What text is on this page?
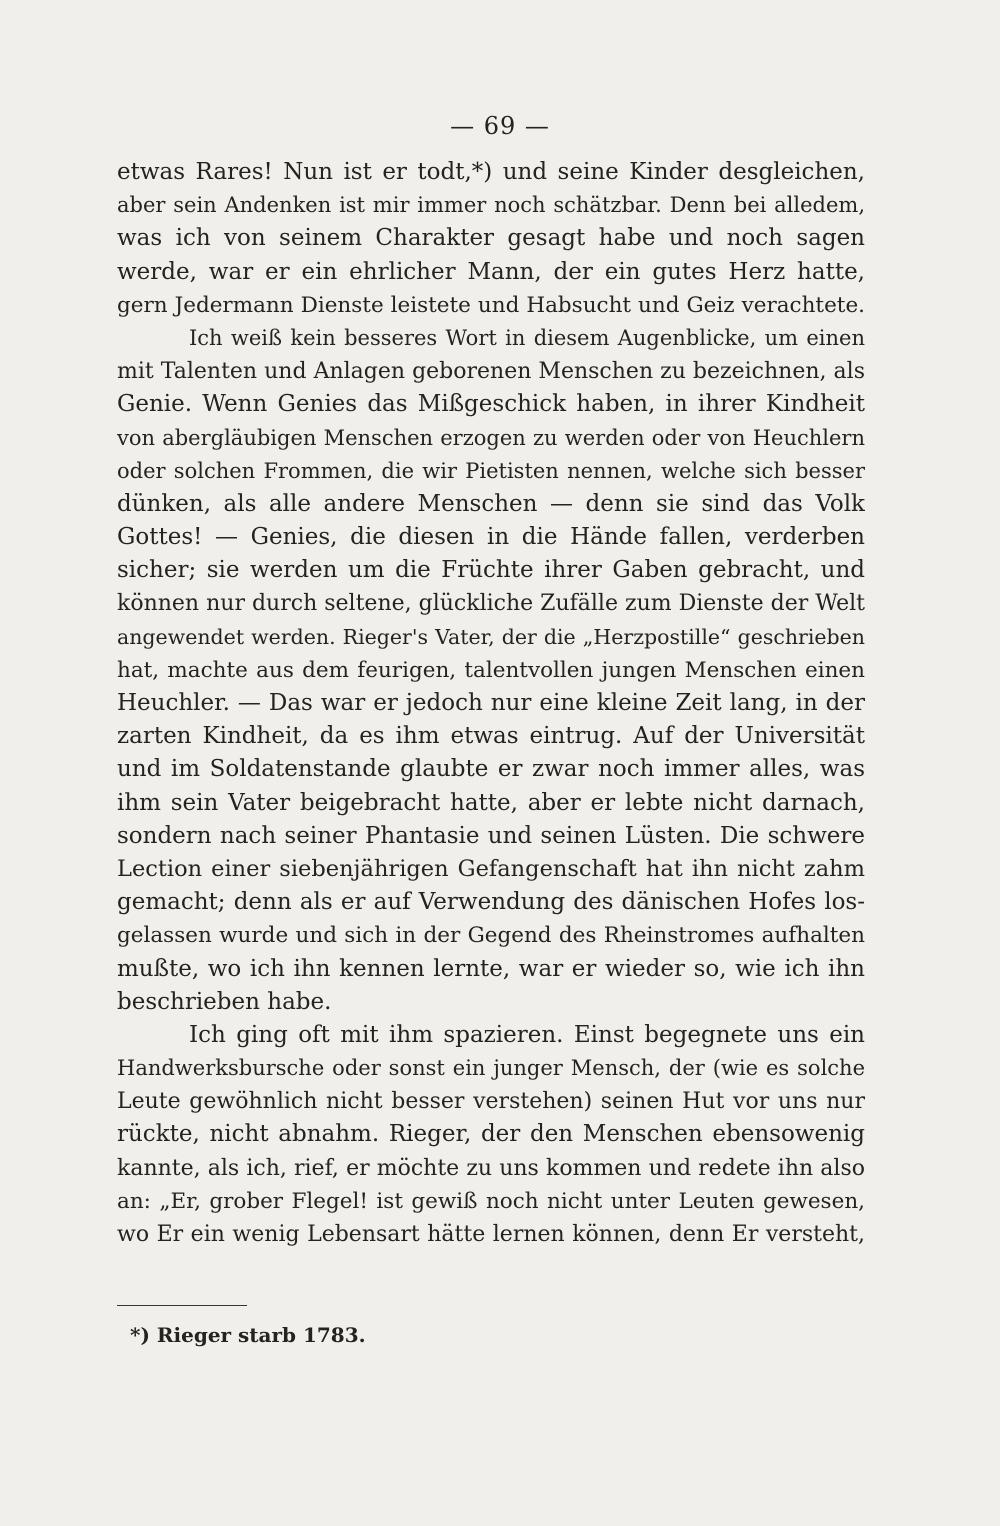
— 69 —
etwas Rares! Nun ist er todt,*) und seine Kinder desgleichen,
aber sein Andenken ist mir immer noch schätzbar. Denn bei alledem,
was ich von seinem Charakter gesagt habe und noch sagen
werde, war er ein ehrlicher Mann, der ein gutes Herz hatte,
gern Jedermann Dienste leistete und Habsucht und Geiz verachtete.
Ich weiß kein besseres Wort in diesem Augenblicke, um einen
mit Talenten und Anlagen geborenen Menschen zu bezeichnen, als
Genie. Wenn Genies das Mißgeschick haben, in ihrer Kindheit
von abergläubigen Menschen erzogen zu werden oder von Heuchlern
oder solchen Frommen, die wir Pietisten nennen, welche sich besser
dünken, als alle andere Menschen — denn sie sind das Volk
Gottes! — Genies, die diesen in die Hände fallen, verderben
sicher; sie werden um die Früchte ihrer Gaben gebracht, und
können nur durch seltene, glückliche Zufälle zum Dienste der Welt
angewendet werden. Rieger's Vater, der die „Herzpostille“ geschrieben
hat, machte aus dem feurigen, talentvollen jungen Menschen einen
Heuchler. — Das war er jedoch nur eine kleine Zeit lang, in der
zarten Kindheit, da es ihm etwas eintrug. Auf der Universität
und im Soldatenstande glaubte er zwar noch immer alles, was
ihm sein Vater beigebracht hatte, aber er lebte nicht darnach,
sondern nach seiner Phantasie und seinen Lüsten. Die schwere
Lection einer siebenjährigen Gefangenschaft hat ihn nicht zahm
gemacht; denn als er auf Verwendung des dänischen Hofes los-
gelassen wurde und sich in der Gegend des Rheinstromes aufhalten
mußte, wo ich ihn kennen lernte, war er wieder so, wie ich ihn
beschrieben habe.
Ich ging oft mit ihm spazieren. Einst begegnete uns ein
Handwerksbursche oder sonst ein junger Mensch, der (wie es solche
Leute gewöhnlich nicht besser verstehen) seinen Hut vor uns nur
rückte, nicht abnahm. Rieger, der den Menschen ebensowenig
kannte, als ich, rief, er möchte zu uns kommen und redete ihn also
an: „Er, grober Flegel! ist gewiß noch nicht unter Leuten gewesen,
wo Er ein wenig Lebensart hätte lernen können, denn Er versteht,
*) Rieger starb 1783.
